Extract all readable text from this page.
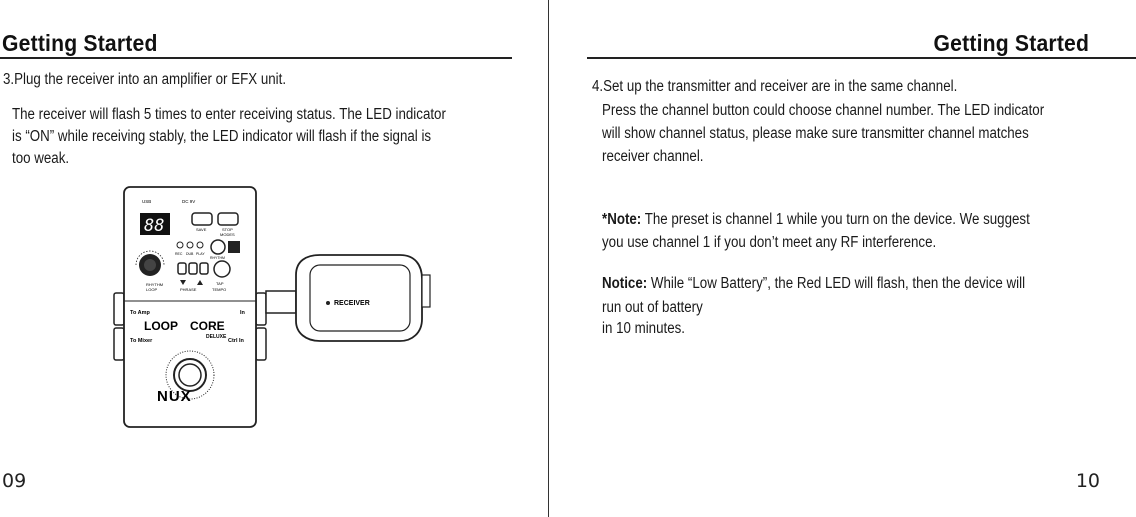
Getting Started
3.Plug the receiver into an amplifier or EFX unit.
The receiver will flash 5 times to enter receiving status. The LED indicator
is “ON” while receiving stably, the LED indicator will flash if the signal is
too weak.
USB	DC 9V
88	SAVE	STOP
MODES
REC DUB PLAY
RHYTHM
RHYTHM
LOOP	PHRASE
TAP
TEMPO
To Amp	In
To Mixer	Ctrl In
LOOP CORE
DELUXE
NUX
RECEIVER
09
Getting Started
4.Set up the transmitter and receiver are in the same channel.
Press the channel button could choose channel number. The LED indicator
will show channel status, please make sure transmitter channel matches
receiver channel.
*Note: The preset is channel 1 while you turn on the device. We suggest
you use channel 1 if you don’t meet any RF interference.
Notice: While “Low Battery”, the Red LED will flash, then the device will
run out of battery
in 10 minutes.
10
